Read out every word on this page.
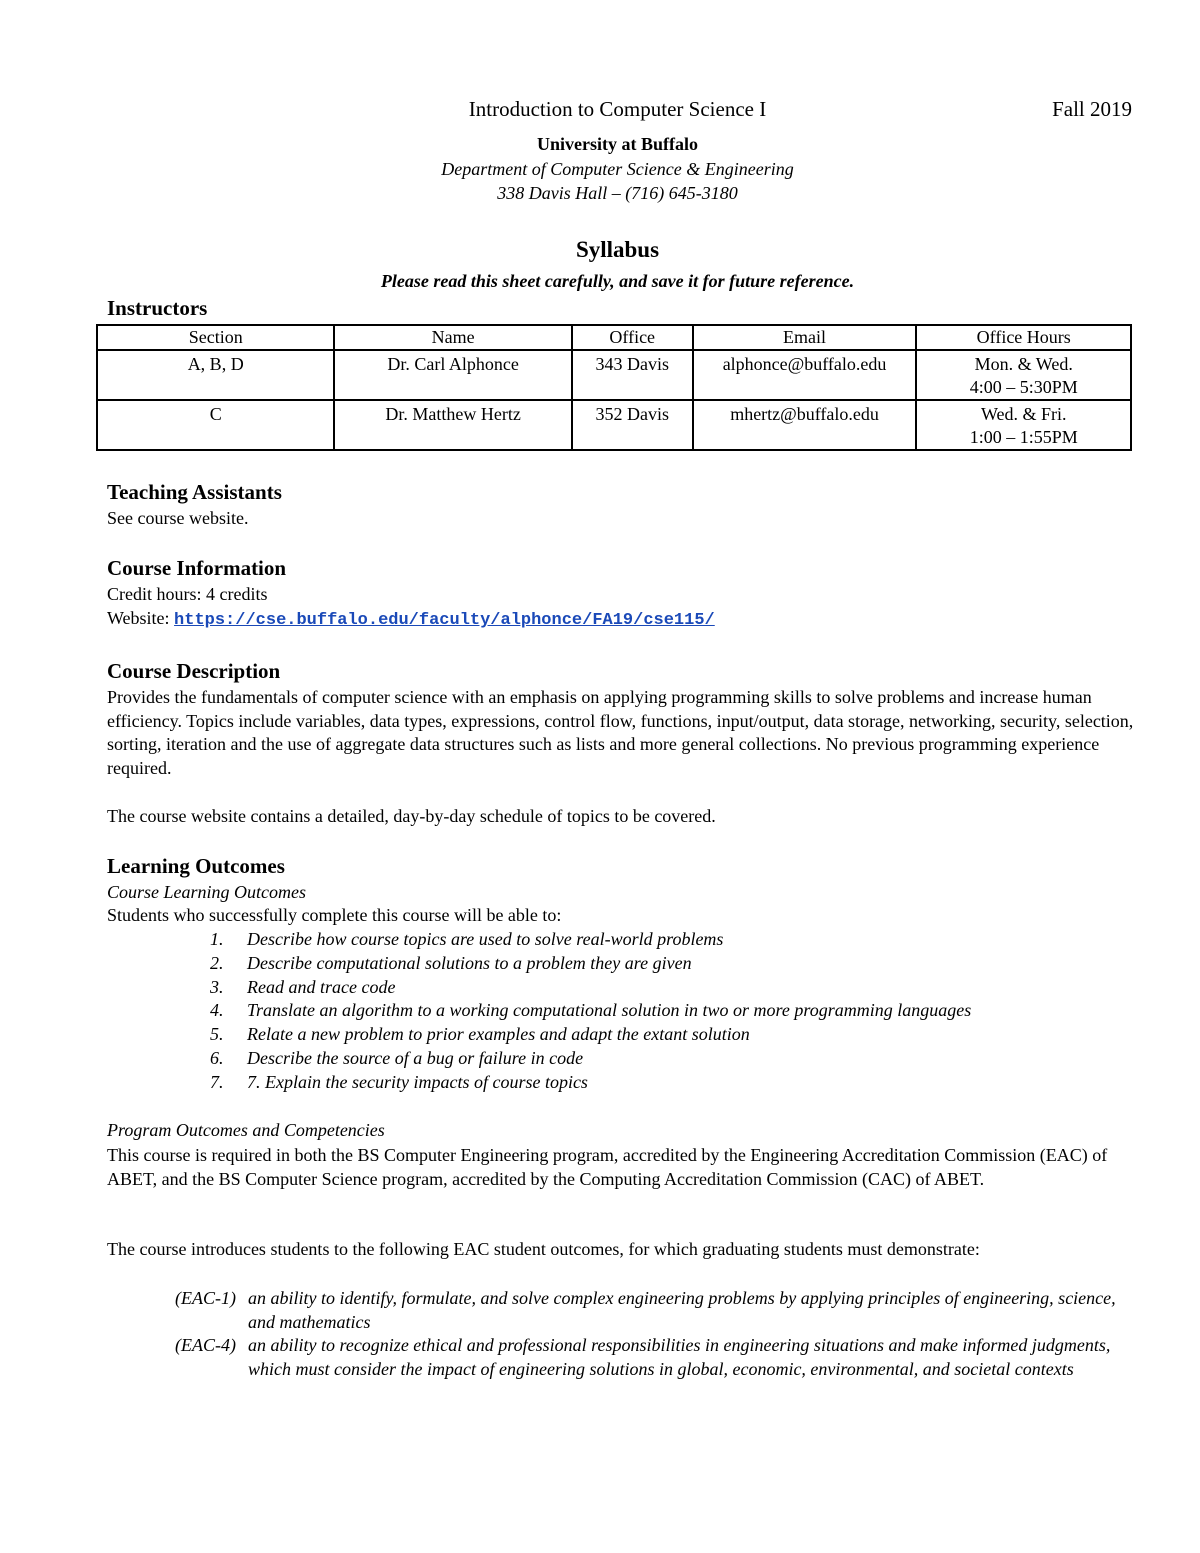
Introduction to Computer Science I	Fall 2019
University at Buffalo
Department of Computer Science & Engineering
338 Davis Hall – (716) 645-3180
Syllabus
Please read this sheet carefully, and save it for future reference.
Instructors
Section	Name	Office	Email	Office Hours
A, B, D	Dr. Carl Alphonce	343 Davis	alphonce@buffalo.edu	Mon. & Wed.
4:00 – 5:30PM

C	Dr. Matthew Hertz	352 Davis	mhertz@buffalo.edu	Wed. & Fri.
1:00 – 1:55PM
Teaching Assistants
See course website.
Course Information
Credit hours: 4 credits
Website: https://cse.buffalo.edu/faculty/alphonce/FA19/cse115/
Course Description

Provides the fundamentals of computer science with an emphasis on applying programming skills to solve problems and increase human efficiency. Topics include variables, data types, expressions, control flow, functions, input/output, data storage, networking, security, selection, sorting, iteration and the use of aggregate data structures such as lists and more general collections. No previous programming experience required.

The course website contains a detailed, day-by-day schedule of topics to be covered.
Learning Outcomes
Course Learning Outcomes
Students who successfully complete this course will be able to:
1. Describe how course topics are used to solve real-world problems
2. Describe computational solutions to a problem they are given
3. Read and trace code
4. Translate an algorithm to a working computational solution in two or more programming languages
5. Relate a new problem to prior examples and adapt the extant solution
6. Describe the source of a bug or failure in code
7. 7. Explain the security impacts of course topics
Program Outcomes and Competencies

This course is required in both the BS Computer Engineering program, accredited by the Engineering Accreditation Commission (EAC) of ABET, and the BS Computer Science program, accredited by the Computing Accreditation Commission (CAC) of ABET.

The course introduces students to the following EAC student outcomes, for which graduating students must demonstrate:
(EAC-1) an ability to identify, formulate, and solve complex engineering problems by applying principles of engineering, science, and mathematics
(EAC-4) an ability to recognize ethical and professional responsibilities in engineering situations and make informed judgments, which must consider the impact of engineering solutions in global, economic, environmental, and societal contexts
